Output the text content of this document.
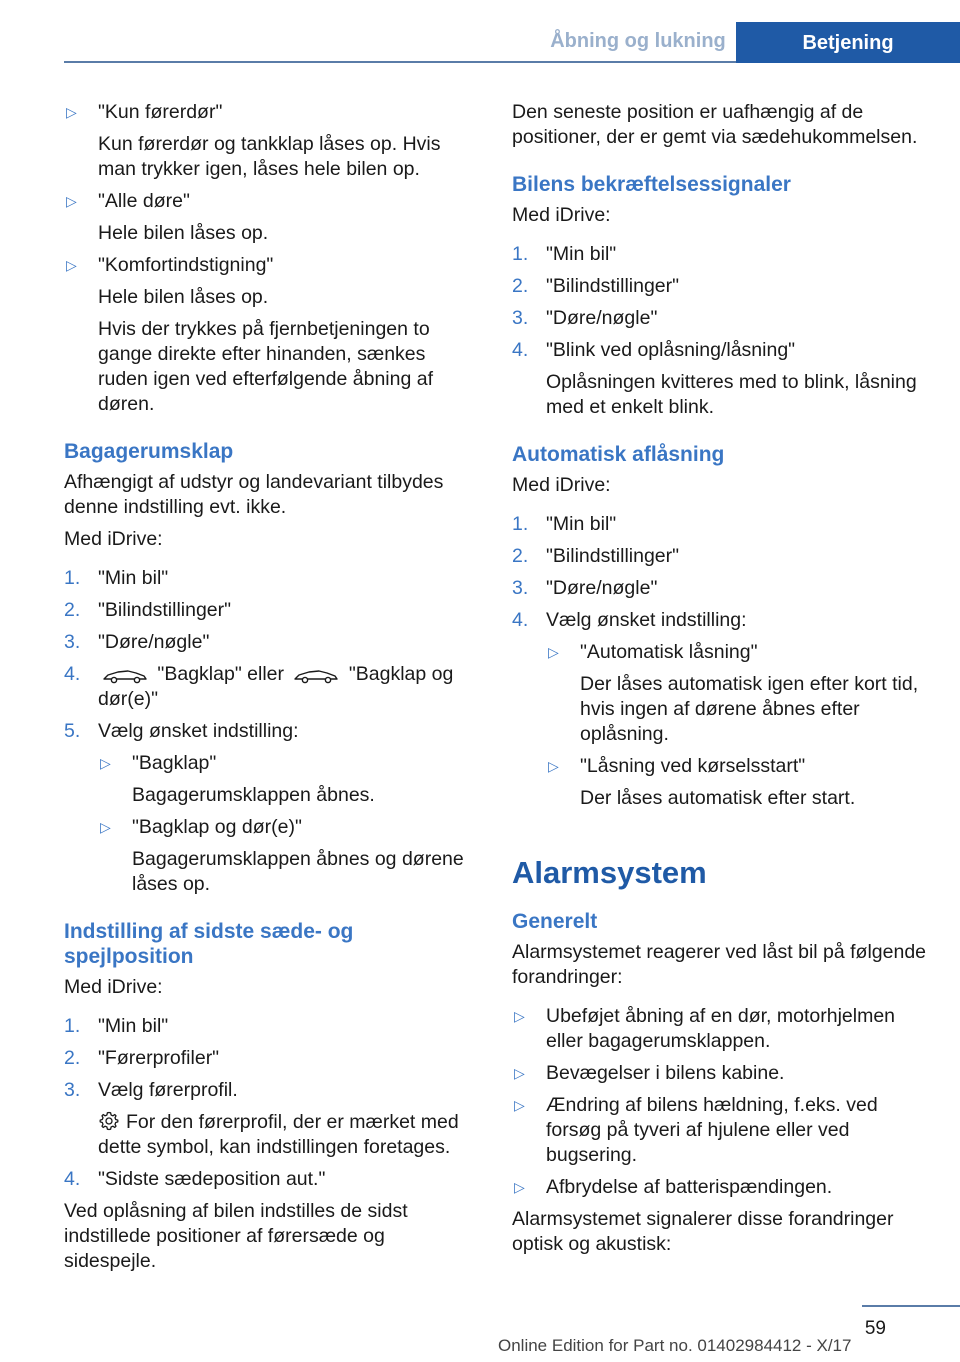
Åbning og lukning	Betjening
▷ "Kun førerdør"
Kun førerdør og tankklap låses op. Hvis man trykker igen, låses hele bilen op.
▷ "Alle døre"
Hele bilen låses op.
▷ "Komfortindstigning"
Hele bilen låses op.
Hvis der trykkes på fjernbetjeningen to gange direkte efter hinanden, sænkes ruden igen ved efterfølgende åbning af døren.
Bagagerumsklap

Afhængigt af udstyr og landevariant tilbydes denne indstilling evt. ikke.

Med iDrive:

1. "Min bil"
2. "Bilindstillinger"
3. "Døre/nøgle"
4.	"Bagklap" eller	"Bagklap og dør(e)"
5. Vælg ønsket indstilling:
▷ "Bagklap"
Bagagerumsklappen åbnes.
▷ "Bagklap og dør(e)"
Bagagerumsklappen åbnes og dørene låses op.
Indstilling af sidste sæde- og spejlposition

Med iDrive:

1. "Min bil"
2. "Førerprofiler"
3. Vælg førerprofil.
For den førerprofil, der er mærket med dette symbol, kan indstillingen foretages.
4. "Sidste sædeposition aut."

Ved oplåsning af bilen indstilles de sidst indstillede positioner af førersæde og sidespejle.

Den seneste position er uafhængig af de positioner, der er gemt via sædehukommelsen.

Bilens bekræftelsessignaler

Med iDrive:

1. "Min bil"
2. "Bilindstillinger"
3. "Døre/nøgle"
4. "Blink ved oplåsning/låsning"
Oplåsningen kvitteres med to blink, låsning med et enkelt blink.
Automatisk aflåsning

Med iDrive:

1. "Min bil"
2. "Bilindstillinger"
3. "Døre/nøgle"
4. Vælg ønsket indstilling:
▷ "Automatisk låsning"
Der låses automatisk igen efter kort tid, hvis ingen af dørene åbnes efter oplåsning.
▷ "Låsning ved kørselsstart"
Der låses automatisk efter start.
Alarmsystem
Generelt

Alarmsystemet reagerer ved låst bil på følgende forandringer:

▷ Ubeføjet åbning af en dør, motorhjelmen eller bagagerumsklappen.
▷ Bevægelser i bilens kabine.
▷ Ændring af bilens hældning, f.eks. ved forsøg på tyveri af hjulene eller ved bugsering.
▷ Afbrydelse af batterispændingen.

Alarmsystemet signalerer disse forandringer optisk og akustisk:

59
Online Edition for Part no. 01402984412 - X/17
